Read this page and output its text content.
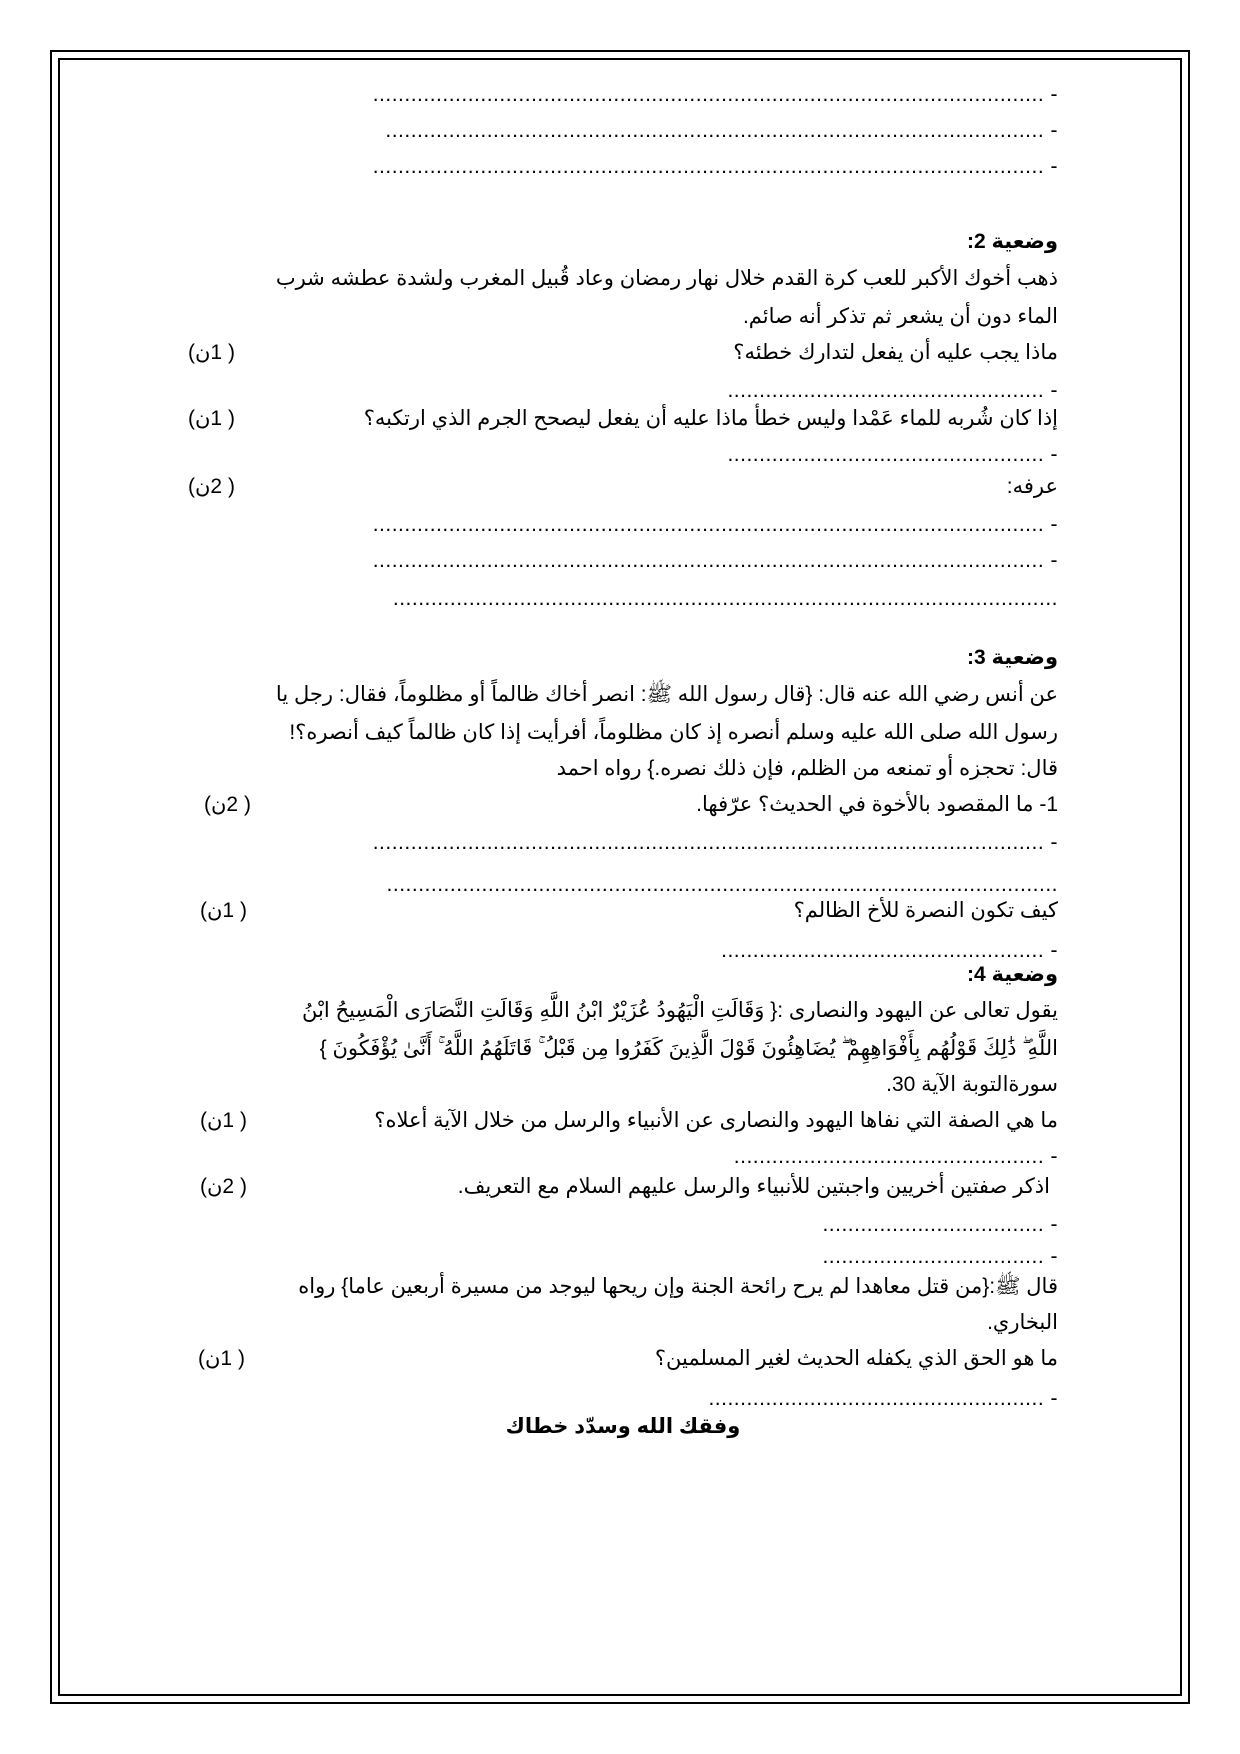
- ..........................................................................................................
- ........................................................................................................
- ..........................................................................................................
وضعية 2:
ذهب أخوك الأكبر للعب كرة القدم خلال نهار رمضان وعاد قُبيل المغرب ولشدة عطشه شرب
الماء دون أن يشعر ثم تذكر أنه صائم.
ماذا يجب عليه أن يفعل لتدارك خطئه؟
( 1ن)
- ..................................................
إذا كان شُربه للماء عَمْدا وليس خطأ ماذا عليه أن يفعل ليصحح الجرم الذي ارتكبه؟
( 1ن)
- ..................................................
عرفه:
( 2ن)
- ..........................................................................................................
- ..........................................................................................................
.........................................................................................................
وضعية 3:
عن أنس رضي الله عنه قال: {قال رسول الله ﷺ: انصر أخاك ظالماً أو مظلوماً، فقال: رجل يا
رسول الله صلى الله عليه وسلم أنصره إذ كان مظلوماً، أفرأيت إذا كان ظالماً كيف أنصره؟!
قال: تحجزه أو تمنعه من الظلم، فإن ذلك نصره.} رواه احمد
1- ما المقصود بالأخوة في الحديث؟ عرّفها.
( 2ن)
- ..........................................................................................................
..........................................................................................................
كيف تكون النصرة للأخ الظالم؟
( 1ن)
- ...................................................
وضعية 4:
يقول تعالى عن اليهود والنصارى :{ وَقَالَتِ الْيَهُودُ عُزَيْرٌ ابْنُ اللَّهِ وَقَالَتِ النَّصَارَى الْمَسِيحُ ابْنُ
اللَّهِ ۖ ذَٰلِكَ قَوْلُهُم بِأَفْوَاهِهِمْ ۖ يُضَاهِئُونَ قَوْلَ الَّذِينَ كَفَرُوا مِن قَبْلُ ۚ قَاتَلَهُمُ اللَّهُ ۚ أَنَّىٰ يُؤْفَكُونَ }
سورةالتوبة الآية 30.
ما هي الصفة التي نفاها اليهود والنصارى عن الأنبياء والرسل من خلال الآية أعلاه؟
( 1ن)
- .................................................
اذكر صفتين أخريين واجبتين للأنبياء والرسل عليهم السلام مع التعريف.
( 2ن)
- ...................................
- ...................................
قال ﷺ:{من قتل معاهدا لم يرح رائحة الجنة وإن ريحها ليوجد من مسيرة أربعين عاما} رواه
البخاري.
ما هو الحق الذي يكفله الحديث لغير المسلمين؟
( 1ن)
- .....................................................
وفقك الله وسدّد خطاك
